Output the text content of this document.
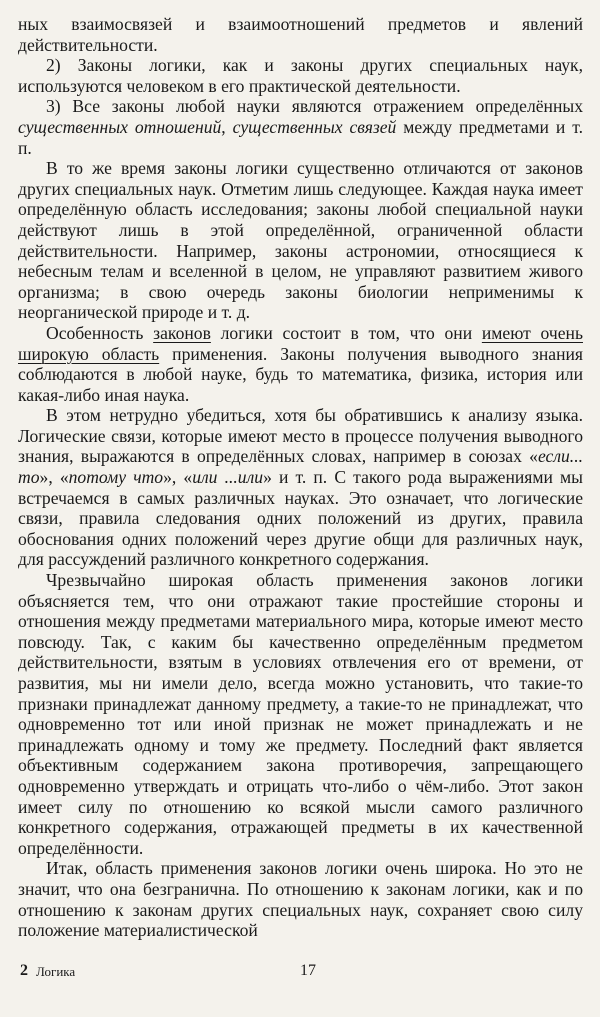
ных взаимосвязей и взаимоотношений предметов и явлений действительности.

2) Законы логики, как и законы других специальных наук, используются человеком в его практической деятельности.

3) Все законы любой науки являются отражением определённых существенных отношений, существенных связей между предметами и т. п.

В то же время законы логики существенно отличаются от законов других специальных наук. Отметим лишь следующее. Каждая наука имеет определённую область исследования; законы любой специальной науки действуют лишь в этой определённой, ограниченной области действительности. Например, законы астрономии, относящиеся к небесным телам и вселенной в целом, не управляют развитием живого организма; в свою очередь законы биологии неприменимы к неорганической природе и т. д.

Особенность законов логики состоит в том, что они имеют очень широкую область применения. Законы получения выводного знания соблюдаются в любой науке, будь то математика, физика, история или какая-либо иная наука.

В этом нетрудно убедиться, хотя бы обратившись к анализу языка. Логические связи, которые имеют место в процессе получения выводного знания, выражаются в определённых словах, например в союзах «если... то», «потому что», «или ...или» и т. п. С такого рода выражениями мы встречаемся в самых различных науках. Это означает, что логические связи, правила следования одних положений из других, правила обоснования одних положений через другие общи для различных наук, для рассуждений различного конкретного содержания.

Чрезвычайно широкая область применения законов логики объясняется тем, что они отражают такие простейшие стороны и отношения между предметами материального мира, которые имеют место повсюду. Так, с каким бы качественно определённым предметом действительности, взятым в условиях отвлечения его от времени, от развития, мы ни имели дело, всегда можно установить, что такие-то признаки принадлежат данному предмету, а такие-то не принадлежат, что одновременно тот или иной признак не может принадлежать и не принадлежать одному и тому же предмету. Последний факт является объективным содержанием закона противоречия, запрещающего одновременно утверждать и отрицать что-либо о чём-либо. Этот закон имеет силу по отношению ко всякой мысли самого различного конкретного содержания, отражающей предметы в их качественной определённости.

Итак, область применения законов логики очень широка. Но это не значит, что она безгранична. По отношению к законам логики, как и по отношению к законам других специальных наук, сохраняет свою силу положение материалистической

2 Логика	17
